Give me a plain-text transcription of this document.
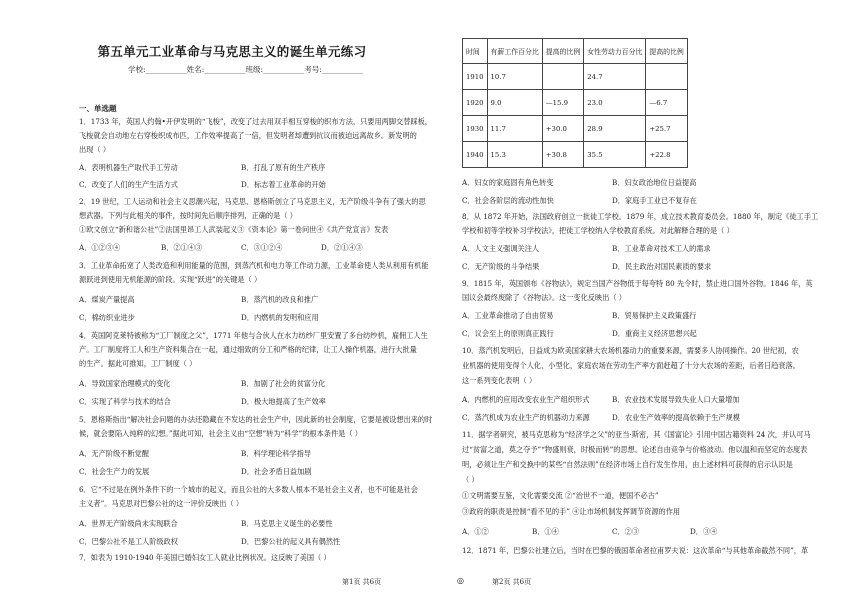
第五单元工业革命与马克思主义的诞生单元练习
学校:___________姓名:___________班级:___________考号:___________
一、单选题
1．1733 年，英国人约翰•开伊发明的“飞梭”，改变了过去用双手相互穿梭的织布方法，只要用两脚交替踩板，
飞梭就会自动地左右穿梭织成布匹，工作效率提高了一倍，但发明者却遭到抗议而被迫远离故乡。新发明的
出现（ ）
A．表明机器生产取代手工劳动	B．打乱了原有的生产秩序
C．改变了人们的生产生活方式	D．标志着工业革命的开始
2．19 世纪，工人运动和社会主义思潮兴起，马克思、恩格斯创立了马克思主义，无产阶级斗争有了强大的思
想武器。下列与此相关的事件，按时间先后顺序排列，正确的是（ ）
①欧文创立“新和谐公社”②法国里昂工人武装起义③《资本论》第一卷问世④《共产党宣言》发表
A．①②③④	B．②①④③	C．③①②④	D．②①④③
3．工业革命拓宽了人类改造和利用能量的范围，到蒸汽机和电力等工作动力源，工业革命使人类从利用有机能
源跃进到使用无机能源的阶段。实现“跃进”的关键是（ ）
A．煤炭产量提高	B．蒸汽机的改良和推广
C．棉纺织业进步	D．内燃机的发明和应用
4．英国阿克莱特被称为“工厂制度之父”，1771 年他与合伙人在水力纺纱厂里安置了多台纺纱机，雇佣工人生
产。工厂制度将工人和生产资料集合在一起，通过细致的分工和严格的纪律，让工人操作机器，进行大批量
的生产。据此可推知，工厂制度（ ）
A．导致国家治理模式的变化	B．加剧了社会的贫富分化
C．实现了科学与技术的结合	D．极大地提高了生产效率
5．恩格斯指出“解决社会问题的办法还隐藏在不发达的社会生产中，因此新的社会制度，它要是被设想出来的时
候，就会要陷入纯粹的幻想。”据此可知，社会主义由“空想”转为“科学”的根本条件是（ ）
A．无产阶级不断觉醒	B．科学理论科学指导
C．社会生产力的发展	D．社会矛盾日益加剧
6．它“不过是在例外条件下的一个城市的起义，而且公社的大多数人根本不是社会主义者，也不可能是社会
主义者”。马克思对巴黎公社的这一评价反映出（ ）
A．世界无产阶级尚未实现联合	B．马克思主义诞生的必要性
C．巴黎公社不是工人阶级政权	D．巴黎公社的起义具有偶然性
7．如表为 1910-1940 年美国已婚妇女工人就业比例状况。这反映了美国（ ）
第1页 共6页	◎	第2页 共6页
时间	有薪工作百分比	提高的比例	女性劳动力百分比	提高的比例
1910	10.7		24.7	
1920	9.0	—15.9	23.0	—6.7
1930	11.7	+30.0	28.9	+25.7
1940	15.3	+30.8	35.5	+22.8
A．妇女的家庭固有角色转变	B．妇女政治地位日益提高
C．社会各阶层的流动性加快	D．家庭手工业已不复存在
8．从 1872 年开始，法国政府创立一批徒工学校。1879 年，成立技术教育委员会。1880 年，制定《徒工手工
学校和初等学校补习学校法》，把徒工学校纳入学校教育系统。对此解释合理的是（ ）
A．人文主义强调关注人	B．工业革命对技术工人的需求
C．无产阶级的斗争结果	D．民主政治对国民素质的要求
9．1815 年，英国颁布《谷物法》，规定当国产谷物低于每夸特 80 先令时，禁止进口国外谷物。1846 年，英
国议会最终废除了《谷物法》。这一变化反映出（ ）
A．工业革命推动了自由贸易	B．贸易保护主义政策盛行
C．议会至上的原则真正践行	D．重商主义经济思想兴起
10．蒸汽机发明后，日益成为欧美国家耕大农场机器动力的重要来源，需要多人协同操作。20 世纪初，农
业机器的使用变得个人化、小型化，家庭农场在劳动生产率方面赶超了十分大农场的差距，后者日趋衰落。
这一系列变化表明（ ）
A．内燃机的应用改变农业生产组织形式	B．农业技术发展导致失业人口大量增加
C．蒸汽机成为农业生产的机器动力来源	D．农业生产效率的提高依赖于生产规模
11．据学者研究，被马克思称为“经济学之父”的亚当·斯密，其《国富论》引用中国古籍资料 24 次，并认可马
过“贫富之道，莫之夺予”“物盛则衰，时极而转”的思想。论述自由竞争与价格波动。他以温和而坚定的态度表
明，必须让生产和交换中的某些“自然法则”在经济市场上自行发生作用，由上述材料可获得的启示认识是
（ ）
①文明需要互鉴，文化需要交流 ②“治世不一道，便国不必古”
③政府的职责是控制“看不见的手” ④让市场机制发挥调节资源的作用
A．①②	B．①④	C．②③	D．③④
12．1871 年，巴黎公社建立后，当时在巴黎的俄国革命者拉甫罗夫说：这次革命“与其他革命截然不同”，革
